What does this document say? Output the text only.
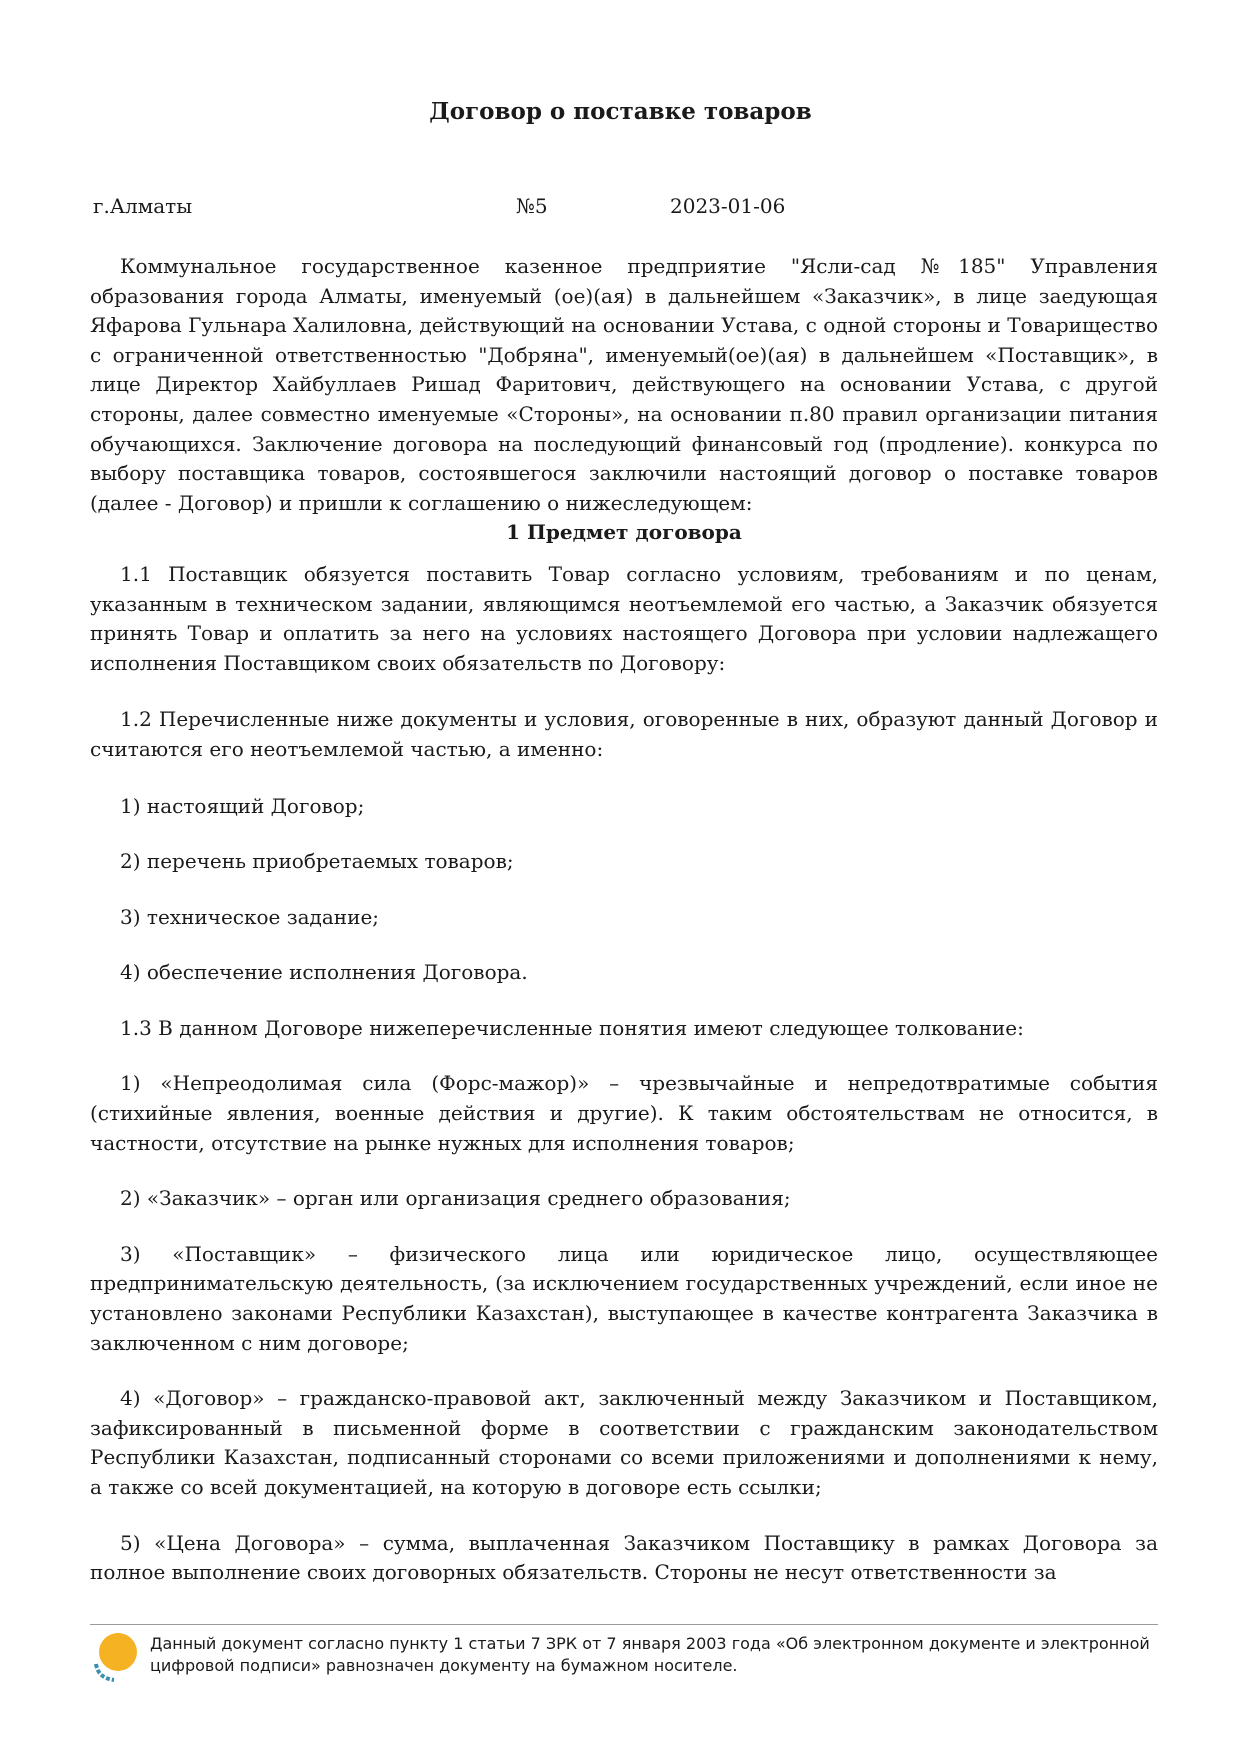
Договор о поставке товаров
г.Алматы	№5	2023-01-06

Коммунальное государственное казенное предприятие "Ясли-сад №185" Управления образования города Алматы, именуемый (ое)(ая) в дальнейшем «Заказчик», в лице заедующая Яфарова Гульнара Халиловна, действующий на основании Устава, с одной стороны и Товарищество с ограниченной ответственностью "Добряна", именуемый(ое)(ая) в дальнейшем «Поставщик», в лице Директор Хайбуллаев Ришад Фаритович, действующего на основании Устава, с другой стороны, далее совместно именуемые «Стороны», на основании п.80 правил организации питания обучающихся. Заключение договора на последующий финансовый год (продление). конкурса по выбору поставщика товаров, состоявшегося заключили настоящий договор о поставке товаров (далее - Договор) и пришли к соглашению о нижеследующем:

1 Предмет договора

1.1 Поставщик обязуется поставить Товар согласно условиям, требованиям и по ценам, указанным в техническом задании, являющимся неотъемлемой его частью, а Заказчик обязуется принять Товар и оплатить за него на условиях настоящего Договора при условии надлежащего исполнения Поставщиком своих обязательств по Договору:

1.2 Перечисленные ниже документы и условия, оговоренные в них, образуют данный Договор и считаются его неотъемлемой частью, а именно:

1) настоящий Договор;

2) перечень приобретаемых товаров;

3) техническое задание;

4) обеспечение исполнения Договора.

1.3 В данном Договоре нижеперечисленные понятия имеют следующее толкование:

1) «Непреодолимая сила (Форс-мажор)» – чрезвычайные и непредотвратимые события (стихийные явления, военные действия и другие). К таким обстоятельствам не относится, в частности, отсутствие на рынке нужных для исполнения товаров;

2) «Заказчик» – орган или организация среднего образования;

3) «Поставщик» – физического лица или юридическое лицо, осуществляющее предпринимательскую деятельность, (за исключением государственных учреждений, если иное не установлено законами Республики Казахстан), выступающее в качестве контрагента Заказчика в заключенном с ним договоре;

4) «Договор» – гражданско-правовой акт, заключенный между Заказчиком и Поставщиком, зафиксированный в письменной форме в соответствии с гражданским законодательством Республики Казахстан, подписанный сторонами со всеми приложениями и дополнениями к нему, а также со всей документацией, на которую в договоре есть ссылки;

5) «Цена Договора» – сумма, выплаченная Заказчиком Поставщику в рамках Договора за полное выполнение своих договорных обязательств. Стороны не несут ответственности за

Данный документ согласно пункту 1 статьи 7 ЗРК от 7 января 2003 года «Об электронном документе и электронной цифровой подписи» равнозначен документу на бумажном носителе.
